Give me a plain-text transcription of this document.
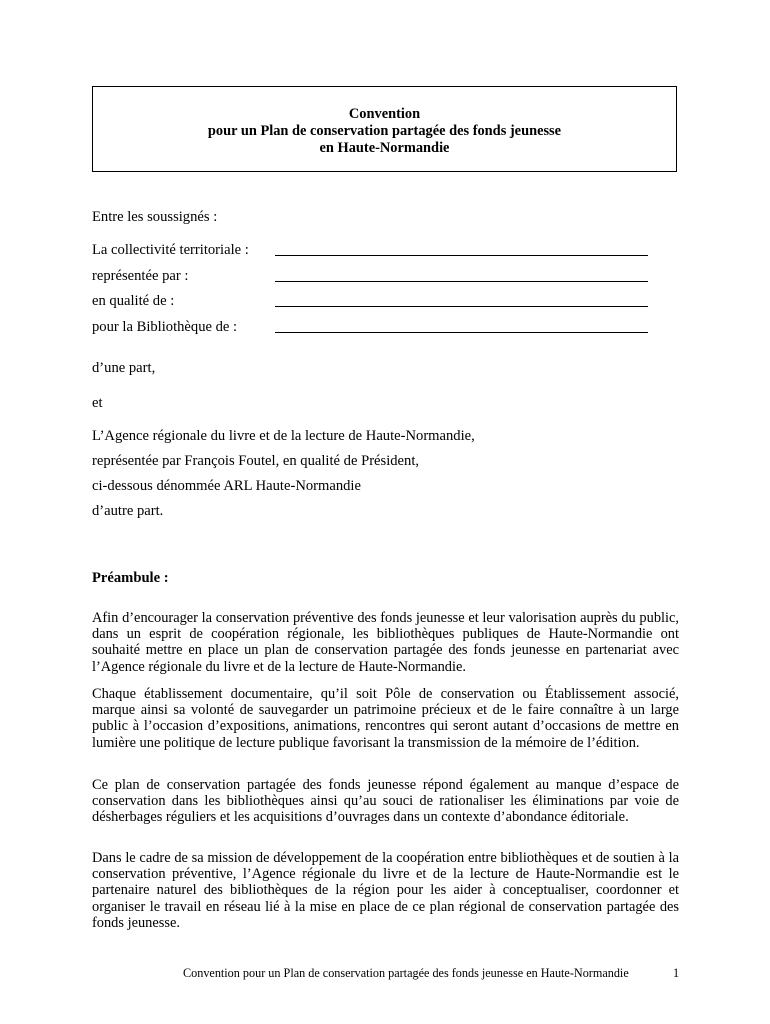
Convention
pour un Plan de conservation partagée des fonds jeunesse
en Haute-Normandie
Entre les soussignés :
La collectivité territoriale :
représentée par :
en qualité de :
pour la Bibliothèque de :
d’une part,
et
L’Agence régionale du livre et de la lecture de Haute-Normandie,
représentée par François Foutel, en qualité de Président,
ci-dessous dénommée ARL Haute-Normandie
d’autre part.
Préambule :
Afin d’encourager la conservation préventive des fonds jeunesse et leur valorisation auprès du public, dans un esprit de coopération régionale, les bibliothèques publiques de Haute-Normandie ont souhaité mettre en place un plan de conservation partagée des fonds jeunesse en partenariat avec l’Agence régionale du livre et de la lecture de Haute-Normandie.
Chaque établissement documentaire, qu’il soit Pôle de conservation ou Établissement associé, marque ainsi sa volonté de sauvegarder un patrimoine précieux et de le faire connaître à un large public à l’occasion d’expositions, animations, rencontres qui seront autant d’occasions de mettre en lumière une politique de lecture publique favorisant la transmission de la mémoire de l’édition.
Ce plan de conservation partagée des fonds jeunesse répond également au manque d’espace de conservation dans les bibliothèques ainsi qu’au souci de rationaliser les éliminations par voie de désherbages réguliers et les acquisitions d’ouvrages dans un contexte d’abondance éditoriale.
Dans le cadre de sa mission de développement de la coopération entre bibliothèques et de soutien à la conservation préventive, l’Agence régionale du livre et de la lecture de Haute-Normandie est le partenaire naturel des bibliothèques de la région pour les aider à conceptualiser, coordonner et organiser le travail en réseau lié à la mise en place de ce plan régional de conservation partagée des fonds jeunesse.
Convention pour un Plan de conservation partagée des fonds jeunesse en Haute-Normandie	1
